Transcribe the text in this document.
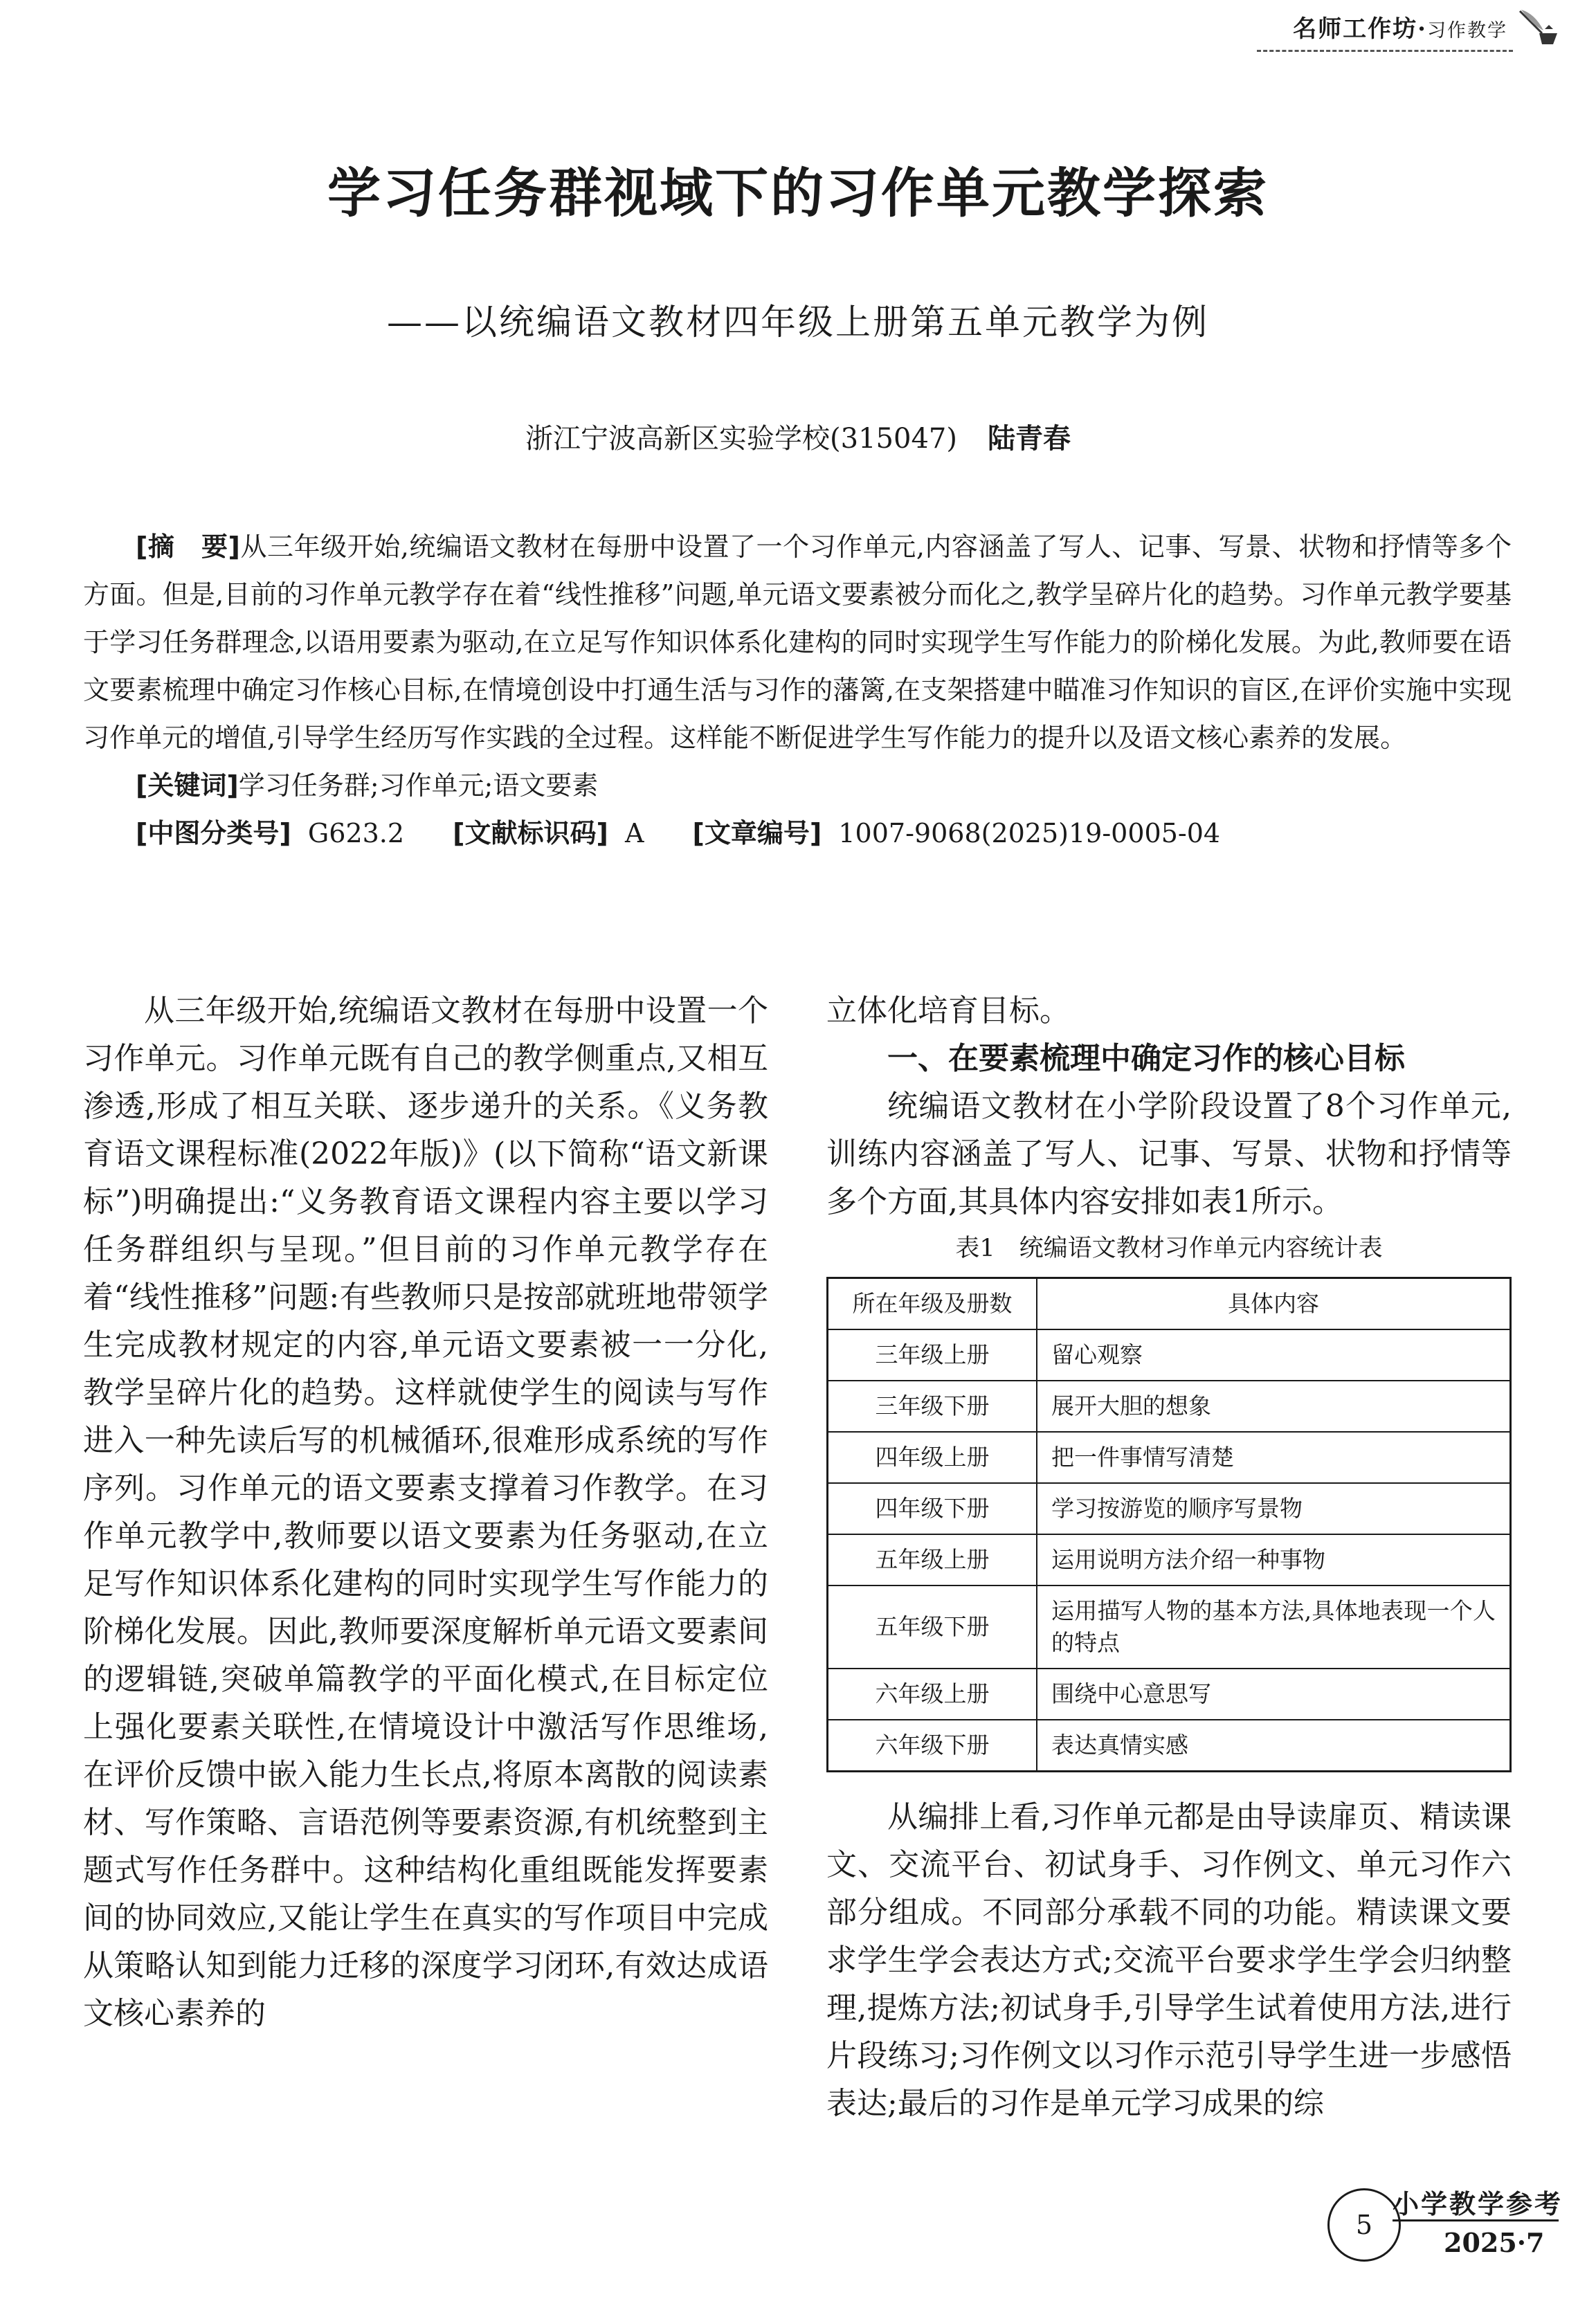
名师工作坊·习作教学
学习任务群视域下的习作单元教学探索
——以统编语文教材四年级上册第五单元教学为例
浙江宁波高新区实验学校(315047) 陆青春

[摘　要]从三年级开始,统编语文教材在每册中设置了一个习作单元,内容涵盖了写人、记事、写景、状物和抒情等多个方面。但是,目前的习作单元教学存在着“线性推移”问题,单元语文要素被分而化之,教学呈碎片化的趋势。习作单元教学要基于学习任务群理念,以语用要素为驱动,在立足写作知识体系化建构的同时实现学生写作能力的阶梯化发展。为此,教师要在语文要素梳理中确定习作核心目标,在情境创设中打通生活与习作的藩篱,在支架搭建中瞄准习作知识的盲区,在评价实施中实现习作单元的增值,引导学生经历写作实践的全过程。这样能不断促进学生写作能力的提升以及语文核心素养的发展。

[关键词]学习任务群;习作单元;语文要素

[中图分类号] G623.2 [文献标识码] A [文章编号] 1007-9068(2025)19-0005-04

从三年级开始,统编语文教材在每册中设置一个习作单元。习作单元既有自己的教学侧重点,又相互渗透,形成了相互关联、逐步递升的关系。《义务教育语文课程标准(2022年版)》(以下简称“语文新课标”)明确提出:“义务教育语文课程内容主要以学习任务群组织与呈现。”但目前的习作单元教学存在着“线性推移”问题:有些教师只是按部就班地带领学生完成教材规定的内容,单元语文要素被一一分化,教学呈碎片化的趋势。这样就使学生的阅读与写作进入一种先读后写的机械循环,很难形成系统的写作序列。习作单元的语文要素支撑着习作教学。在习作单元教学中,教师要以语文要素为任务驱动,在立足写作知识体系化建构的同时实现学生写作能力的阶梯化发展。因此,教师要深度解析单元语文要素间的逻辑链,突破单篇教学的平面化模式,在目标定位上强化要素关联性,在情境设计中激活写作思维场,在评价反馈中嵌入能力生长点,将原本离散的阅读素材、写作策略、言语范例等要素资源,有机统整到主题式写作任务群中。这种结构化重组既能发挥要素间的协同效应,又能让学生在真实的写作项目中完成从策略认知到能力迁移的深度学习闭环,有效达成语文核心素养的

立体化培育目标。

一、在要素梳理中确定习作的核心目标

统编语文教材在小学阶段设置了8个习作单元,训练内容涵盖了写人、记事、写景、状物和抒情等多个方面,其具体内容安排如表1所示。

表1　统编语文教材习作单元内容统计表
所在年级及册数	具体内容
三年级上册	留心观察
三年级下册	展开大胆的想象
四年级上册	把一件事情写清楚
四年级下册	学习按游览的顺序写景物
五年级上册	运用说明方法介绍一种事物
五年级下册	运用描写人物的基本方法,具体地表现一个人的特点
六年级上册	围绕中心意思写
六年级下册	表达真情实感

从编排上看,习作单元都是由导读扉页、精读课文、交流平台、初试身手、习作例文、单元习作六部分组成。不同部分承载不同的功能。精读课文要求学生学会表达方式;交流平台要求学生学会归纳整理,提炼方法;初试身手,引导学生试着使用方法,进行片段练习;习作例文以习作示范引导学生进一步感悟表达;最后的习作是单元学习成果的综

5
小学教学参考
2025·7
